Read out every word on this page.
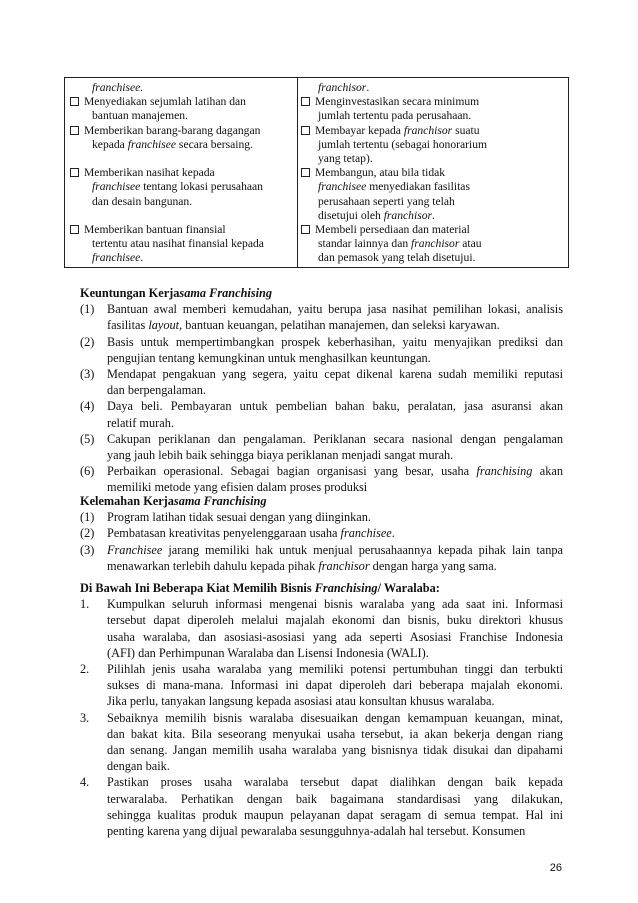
franchisee.
Menyediakan sejumlah latihan dan
bantuan manajemen.
Memberikan barang-barang dagangan
kepada franchisee secara bersaing.
Memberikan nasihat kepada
franchisee tentang lokasi perusahaan
dan desain bangunan.
Memberikan bantuan finansial
tertentu atau nasihat finansial kepada
franchisee.
franchisor.
Menginvestasikan secara minimum
jumlah tertentu pada perusahaan.
Membayar kepada franchisor suatu
jumlah tertentu (sebagai honorarium
yang tetap).
Membangun, atau bila tidak
franchisee menyediakan fasilitas
perusahaan seperti yang telah
disetujui oleh franchisor.
Membeli persediaan dan material
standar lainnya dan franchisor atau
dan pemasok yang telah disetujui.
Keuntungan Kerjasama Franchising
(1) Bantuan awal memberi kemudahan, yaitu berupa jasa nasihat pemilihan lokasi, analisis
fasilitas layout, bantuan keuangan, pelatihan manajemen, dan seleksi karyawan.
(2) Basis untuk mempertimbangkan prospek keberhasihan, yaitu menyajikan prediksi dan
pengujian tentang kemungkinan untuk menghasilkan keuntungan.
(3) Mendapat pengakuan yang segera, yaitu cepat dikenal karena sudah memiliki reputasi
dan berpengalaman.
(4) Daya beli. Pembayaran untuk pembelian bahan baku, peralatan, jasa asuransi akan
relatif murah.
(5) Cakupan periklanan dan pengalaman. Periklanan secara nasional dengan pengalaman
yang jauh lebih baik sehingga biaya periklanan menjadi sangat murah.
(6) Perbaikan operasional. Sebagai bagian organisasi yang besar, usaha franchising akan
memiliki metode yang efisien dalam proses produksi
Kelemahan Kerjasama Franchising
(1) Program latihan tidak sesuai dengan yang diinginkan.
(2) Pembatasan kreativitas penyelenggaraan usaha franchisee.
(3) Franchisee jarang memiliki hak untuk menjual perusahaannya kepada pihak lain tanpa
menawarkan terlebih dahulu kepada pihak franchisor dengan harga yang sama.
Di Bawah Ini Beberapa Kiat Memilih Bisnis Franchising/ Waralaba:
1. Kumpulkan seluruh informasi mengenai bisnis waralaba yang ada saat ini. Informasi
tersebut dapat diperoleh melalui majalah ekonomi dan bisnis, buku direktori khusus
usaha waralaba, dan asosiasi-asosiasi yang ada seperti Asosiasi Franchise Indonesia
(AFI) dan Perhimpunan Waralaba dan Lisensi Indonesia (WALI).
2. Pilihlah jenis usaha waralaba yang memiliki potensi pertumbuhan tinggi dan terbukti
sukses di mana-mana. Informasi ini dapat diperoleh dari beberapa majalah ekonomi.
Jika perlu, tanyakan langsung kepada asosiasi atau konsultan khusus waralaba.
3. Sebaiknya memilih bisnis waralaba disesuaikan dengan kemampuan keuangan, minat,
dan bakat kita. Bila seseorang menyukai usaha tersebut, ia akan bekerja dengan riang
dan senang. Jangan memilih usaha waralaba yang bisnisnya tidak disukai dan dipahami
dengan baik.
4. Pastikan proses usaha waralaba tersebut dapat dialihkan dengan baik kepada
terwaralaba. Perhatikan dengan baik bagaimana standardisasi yang dilakukan,
sehingga kualitas produk maupun pelayanan dapat seragam di semua tempat. Hal ini
penting karena yang dijual pewaralaba sesungguhnya-adalah hal tersebut. Konsumen
26
